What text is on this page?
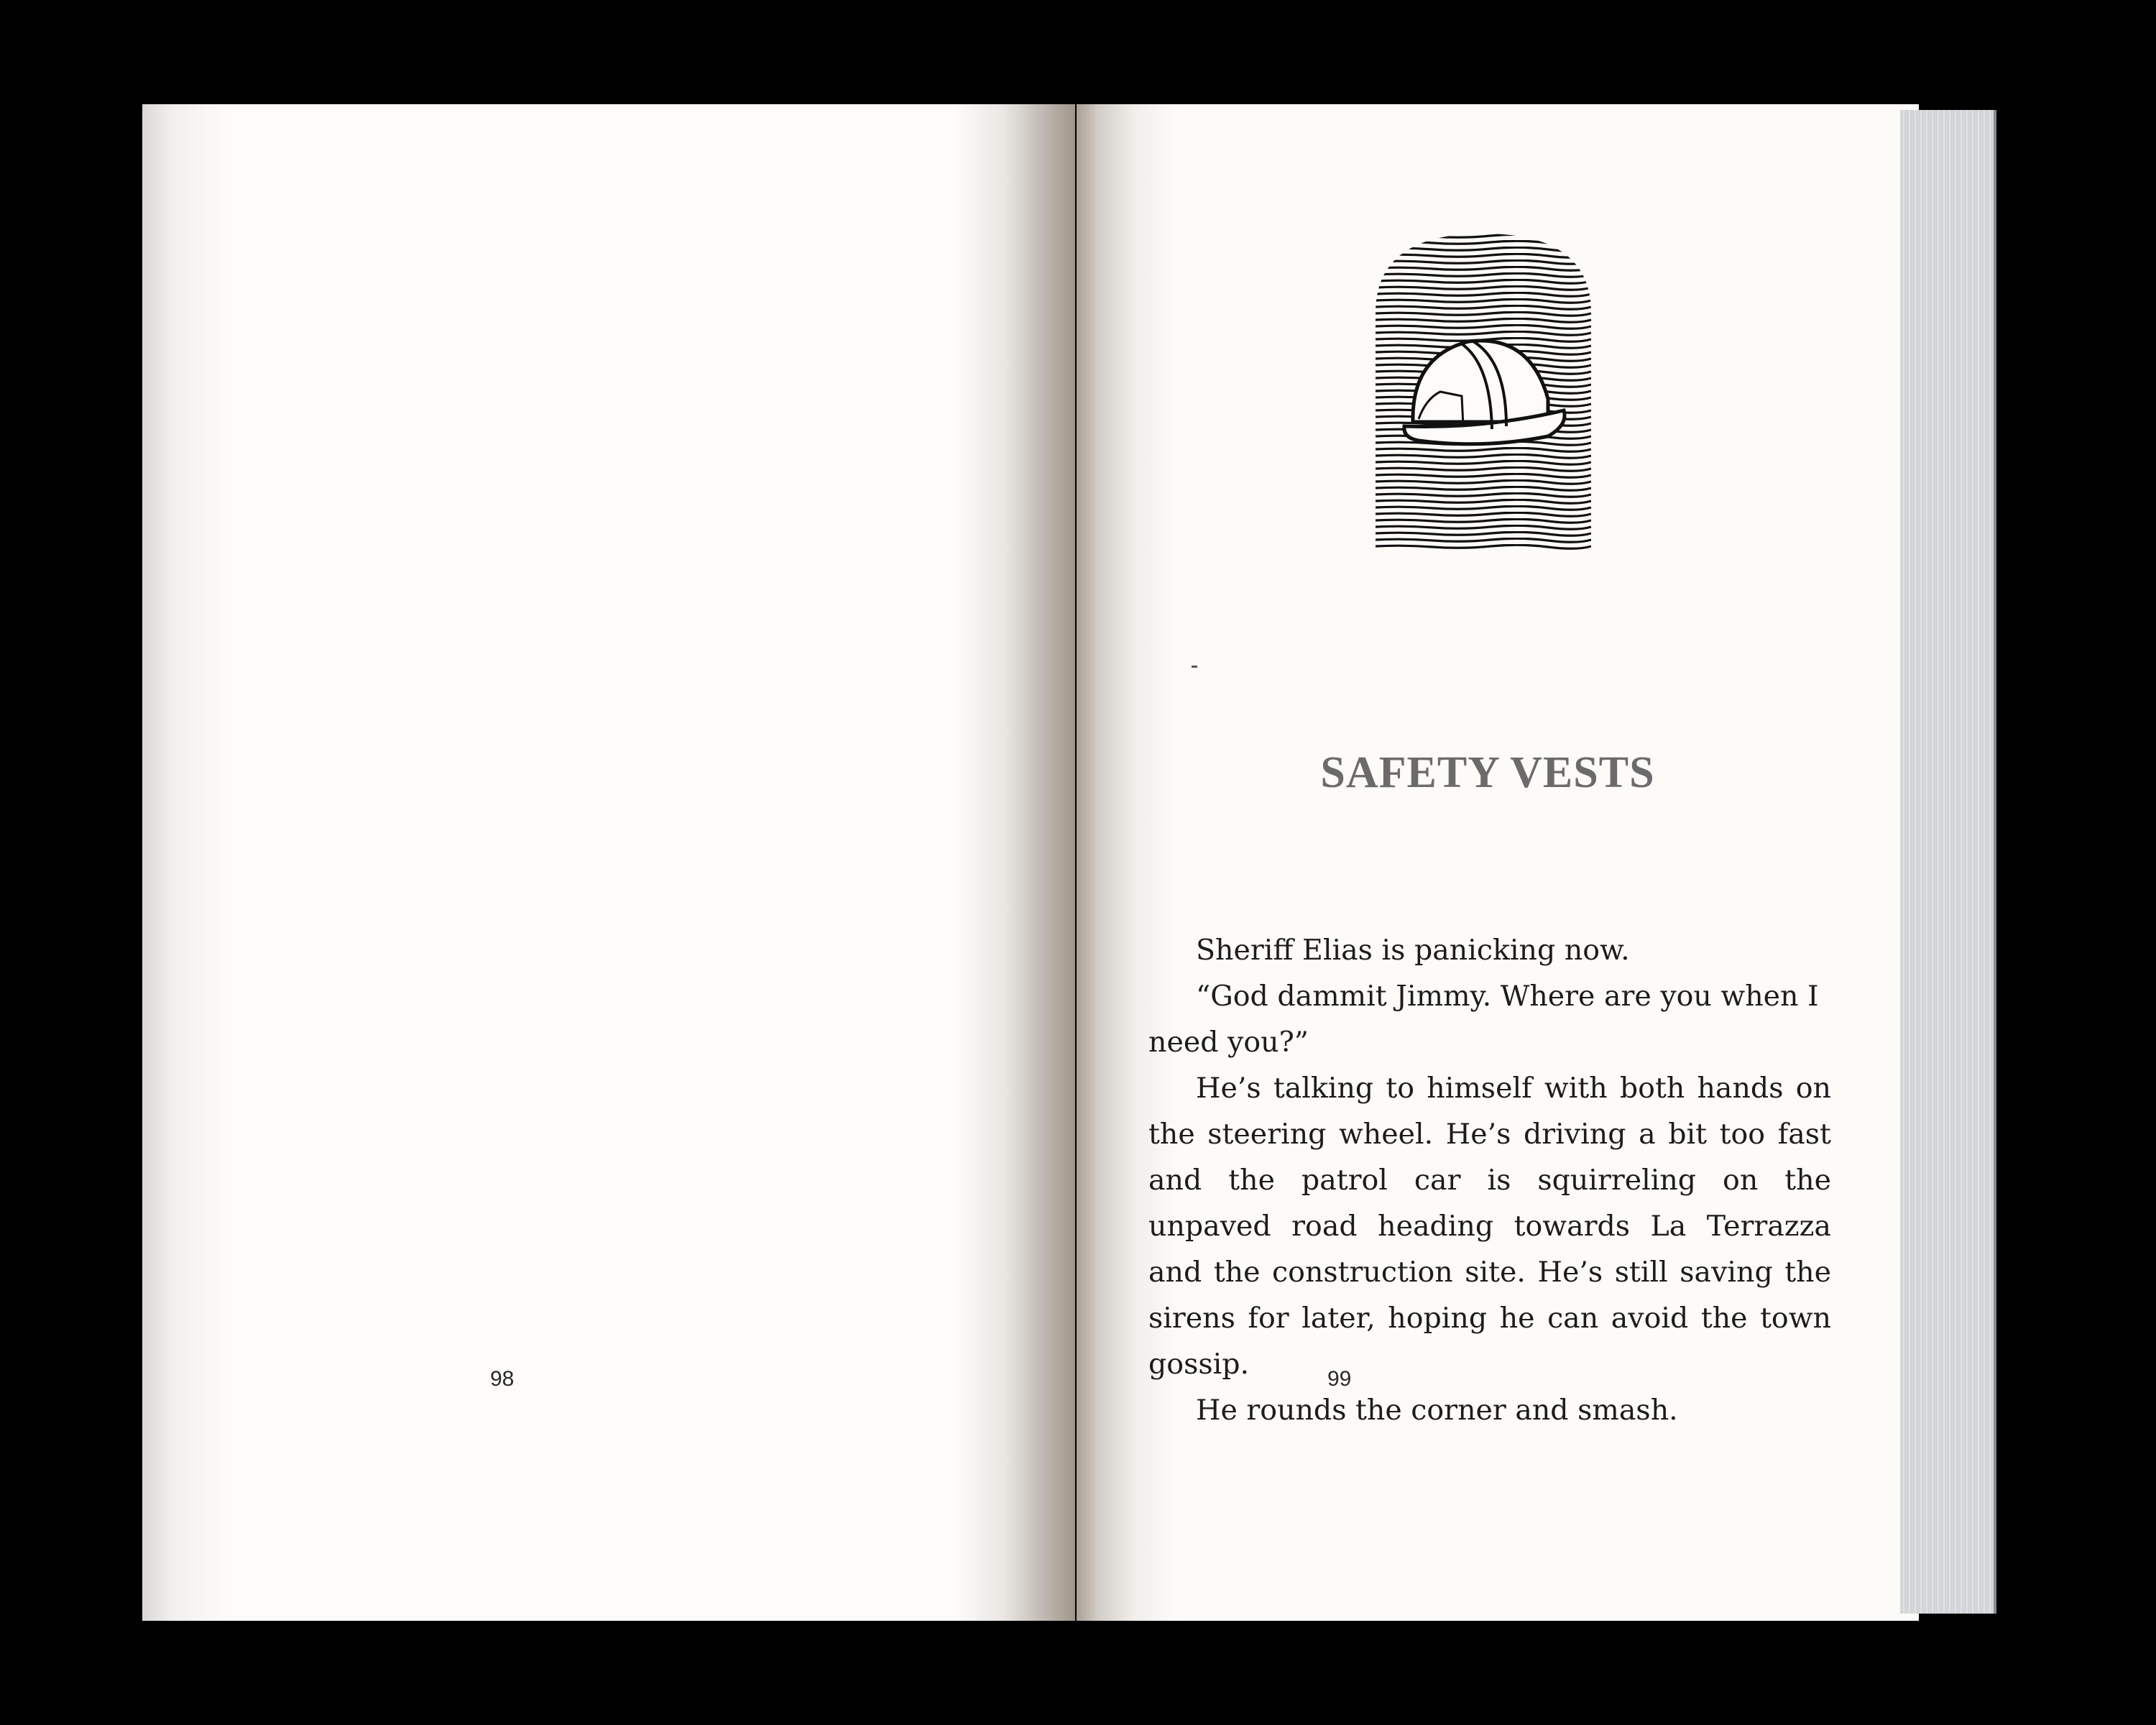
98
SAFETY VESTS
Sheriff Elias is panicking now.
“God dammit Jimmy. Where are you when I
need you?”
He’s talking to himself with both hands on
the steering wheel. He’s driving a bit too fast
and the patrol car is squirreling on the
unpaved road heading towards La Terrazza
and the construction site. He’s still saving the
sirens for later, hoping he can avoid the town
gossip.
He rounds the corner and smash.
99
